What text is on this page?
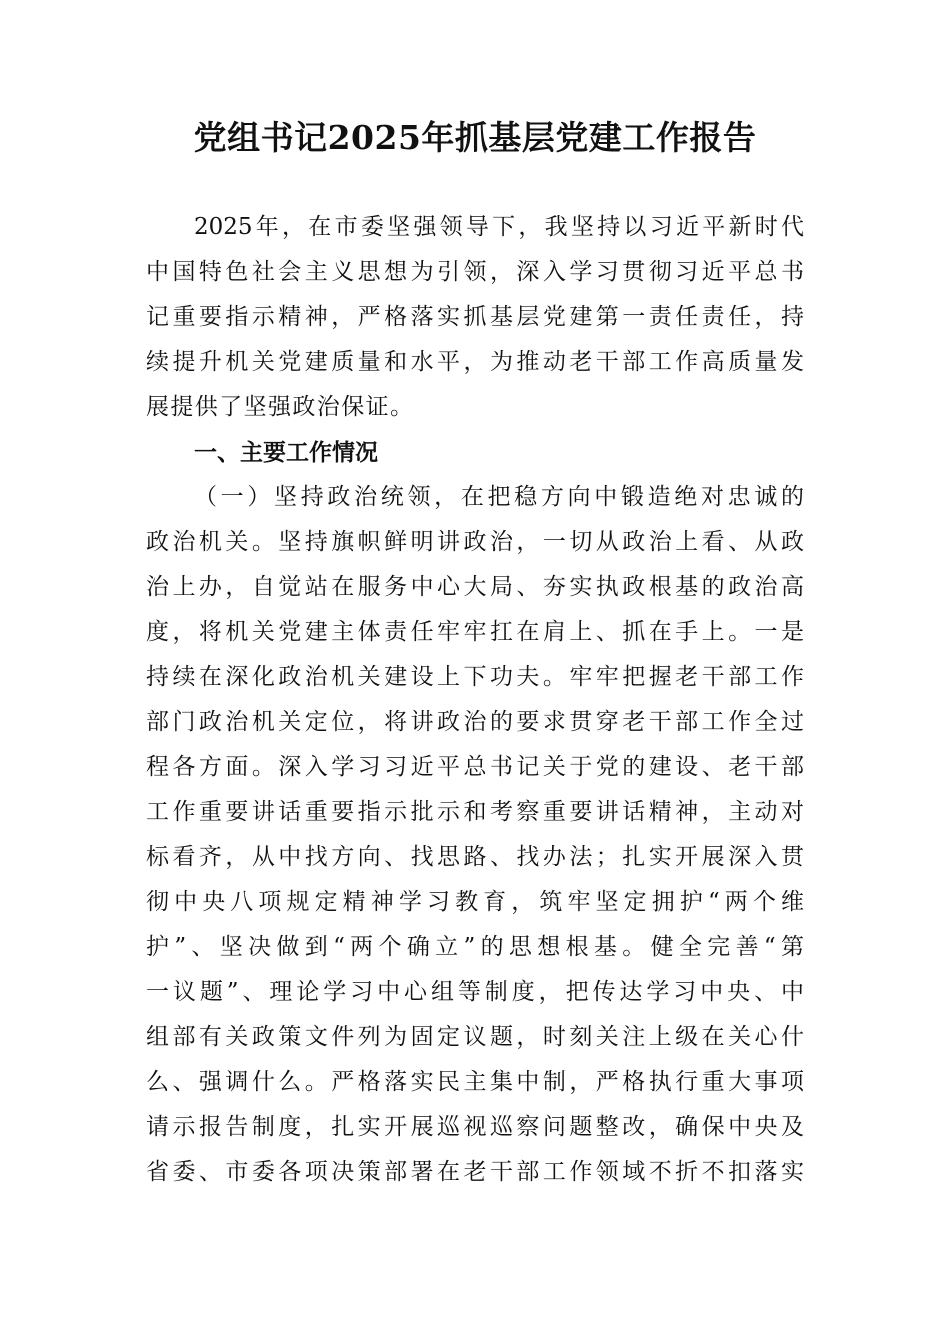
党组书记2025年抓基层党建工作报告

2025年，在市委坚强领导下，我坚持以习近平新时代

中国特色社会主义思想为引领，深入学习贯彻习近平总书

记重要指示精神，严格落实抓基层党建第一责任责任，持

续提升机关党建质量和水平，为推动老干部工作高质量发

展提供了坚强政治保证。

一、主要工作情况

（一）坚持政治统领，在把稳方向中锻造绝对忠诚的

政治机关。坚持旗帜鲜明讲政治，一切从政治上看、从政

治上办，自觉站在服务中心大局、夯实执政根基的政治高

度，将机关党建主体责任牢牢扛在肩上、抓在手上。一是

持续在深化政治机关建设上下功夫。牢牢把握老干部工作

部门政治机关定位，将讲政治的要求贯穿老干部工作全过

程各方面。深入学习习近平总书记关于党的建设、老干部

工作重要讲话重要指示批示和考察重要讲话精神，主动对

标看齐，从中找方向、找思路、找办法；扎实开展深入贯

彻中央八项规定精神学习教育，筑牢坚定拥护“两个维

护”、坚决做到“两个确立”的思想根基。健全完善“第

一议题”、理论学习中心组等制度，把传达学习中央、中

组部有关政策文件列为固定议题，时刻关注上级在关心什

么、强调什么。严格落实民主集中制，严格执行重大事项

请示报告制度，扎实开展巡视巡察问题整改，确保中央及

省委、市委各项决策部署在老干部工作领域不折不扣落实
